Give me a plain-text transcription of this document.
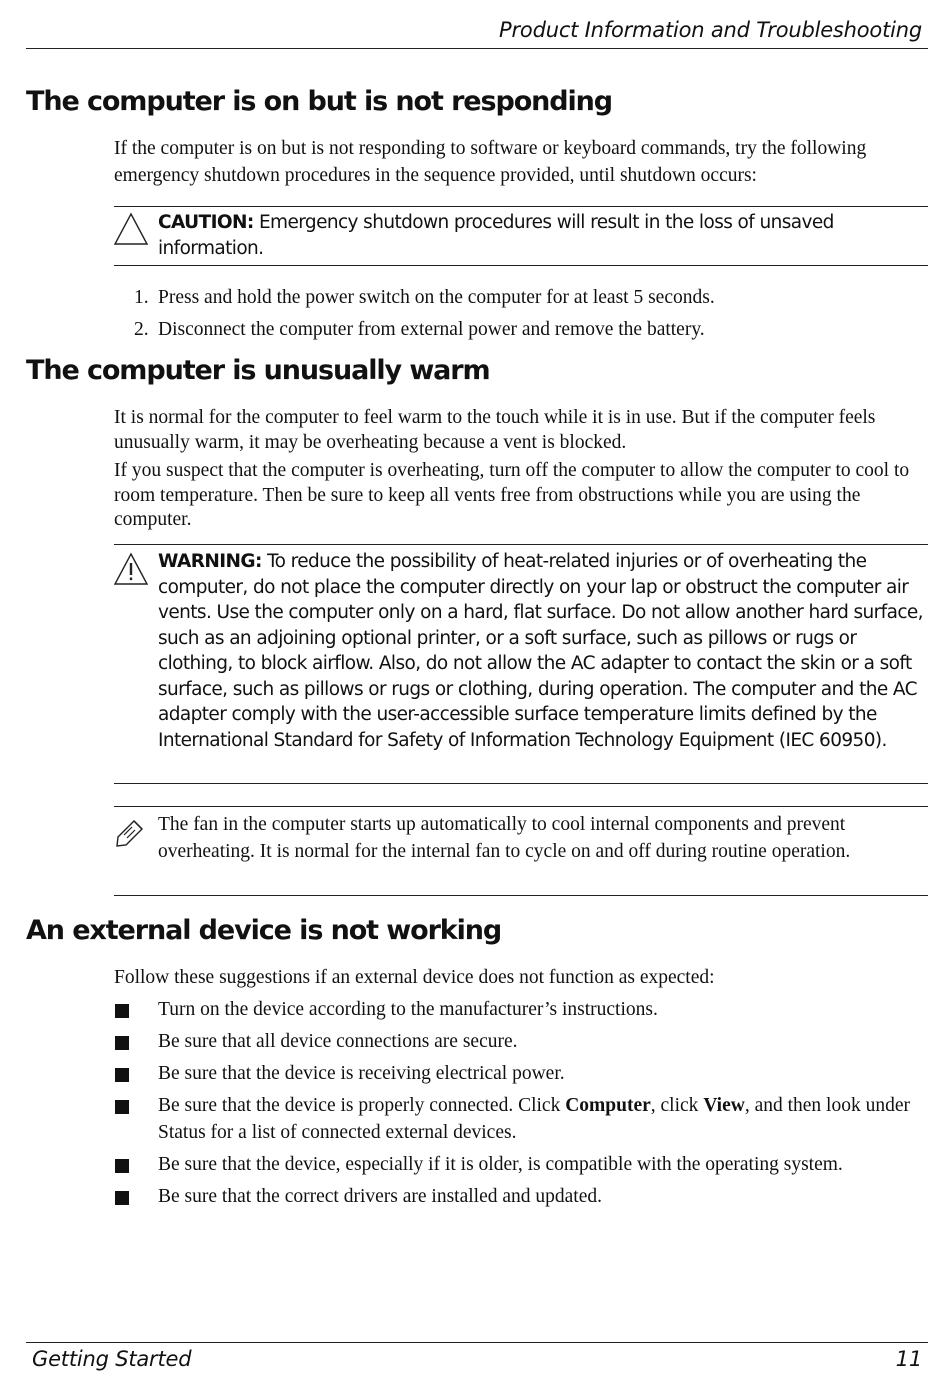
Product Information and Troubleshooting
The computer is on but is not responding

If the computer is on but is not responding to software or keyboard commands, try the following emergency shutdown procedures in the sequence provided, until shutdown occurs:

CAUTION: Emergency shutdown procedures will result in the loss of unsaved information.

1. Press and hold the power switch on the computer for at least 5 seconds.
2. Disconnect the computer from external power and remove the battery.
The computer is unusually warm

It is normal for the computer to feel warm to the touch while it is in use. But if the computer feels unusually warm, it may be overheating because a vent is blocked.

If you suspect that the computer is overheating, turn off the computer to allow the computer to cool to room temperature. Then be sure to keep all vents free from obstructions while you are using the computer.

WARNING: To reduce the possibility of heat-related injuries or of overheating the computer, do not place the computer directly on your lap or obstruct the computer air vents. Use the computer only on a hard, flat surface. Do not allow another hard surface, such as an adjoining optional printer, or a soft surface, such as pillows or rugs or clothing, to block airflow. Also, do not allow the AC adapter to contact the skin or a soft surface, such as pillows or rugs or clothing, during operation. The computer and the AC adapter comply with the user-accessible surface temperature limits defined by the International Standard for Safety of Information Technology Equipment (IEC 60950).

The fan in the computer starts up automatically to cool internal components and prevent overheating. It is normal for the internal fan to cycle on and off during routine operation.

An external device is not working

Follow these suggestions if an external device does not function as expected:

Turn on the device according to the manufacturer’s instructions.
Be sure that all device connections are secure.
Be sure that the device is receiving electrical power.
Be sure that the device is properly connected. Click Computer, click View, and then look under Status for a list of connected external devices.
Be sure that the device, especially if it is older, is compatible with the operating system.
Be sure that the correct drivers are installed and updated.
Getting Started	11
